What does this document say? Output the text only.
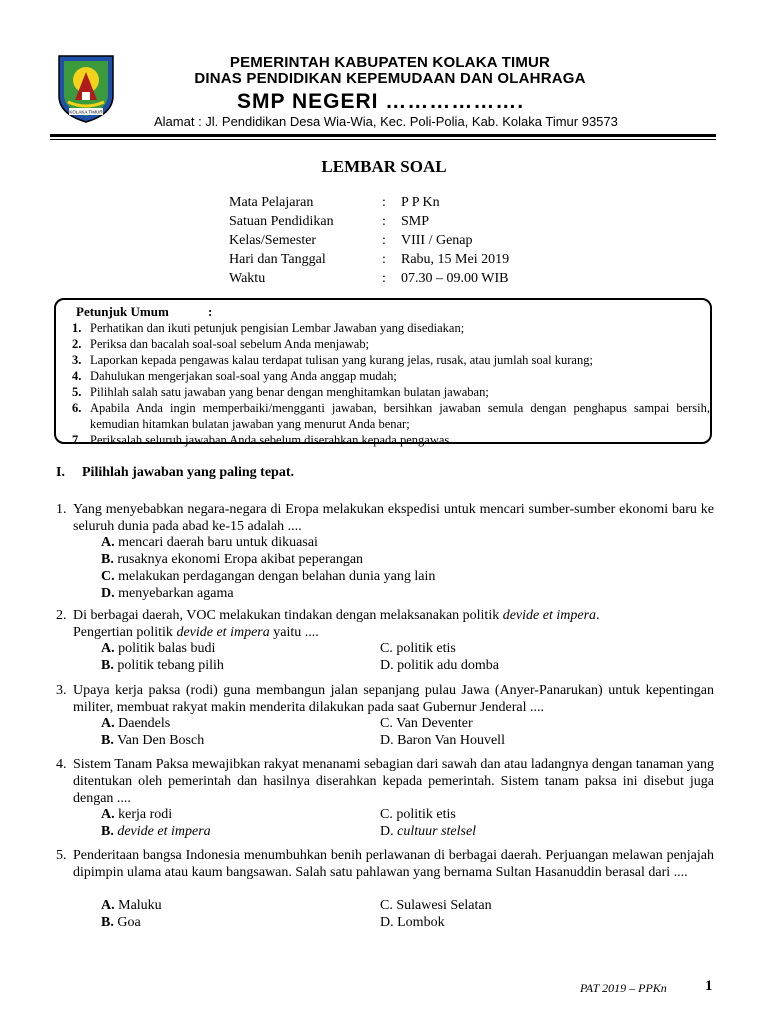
KOLAKA TIMUR
PEMERINTAH KABUPATEN KOLAKA TIMUR
DINAS PENDIDIKAN KEPEMUDAAN DAN OLAHRAGA
SMP NEGERI ……………….
Alamat : Jl. Pendidikan Desa Wia-Wia, Kec. Poli-Polia, Kab. Kolaka Timur 93573
LEMBAR SOAL
Mata Pelajaran	: P P Kn
Satuan Pendidikan	: SMP
Kelas/Semester	: VIII / Genap
Hari dan Tanggal	: Rabu, 15 Mei 2019
Waktu	: 07.30 – 09.00 WIB
Petunjuk Umum	:
1. Perhatikan dan ikuti petunjuk pengisian Lembar Jawaban yang disediakan;
2. Periksa dan bacalah soal-soal sebelum Anda menjawab;
3. Laporkan kepada pengawas kalau terdapat tulisan yang kurang jelas, rusak, atau jumlah soal kurang;
4. Dahulukan mengerjakan soal-soal yang Anda anggap mudah;
5. Pilihlah salah satu jawaban yang benar dengan menghitamkan bulatan jawaban;
6. Apabila Anda ingin memperbaiki/mengganti jawaban, bersihkan jawaban semula dengan penghapus sampai bersih, kemudian hitamkan bulatan jawaban yang menurut Anda benar;
7. Periksalah seluruh jawaban Anda sebelum diserahkan kepada pengawas.
I. Pilihlah jawaban yang paling tepat.
1. Yang menyebabkan negara-negara di Eropa melakukan ekspedisi untuk mencari sumber-sumber ekonomi baru ke seluruh dunia pada abad ke-15 adalah ....
A. mencari daerah baru untuk dikuasai
B. rusaknya ekonomi Eropa akibat peperangan
C. melakukan perdagangan dengan belahan dunia yang lain
D. menyebarkan agama
2. Di berbagai daerah, VOC melakukan tindakan dengan melaksanakan politik devide et impera.
Pengertian politik devide et impera yaitu ....
A. politik balas budi	C. politik etis
B. politik tebang pilih	D. politik adu domba
3. Upaya kerja paksa (rodi) guna membangun jalan sepanjang pulau Jawa (Anyer-Panarukan) untuk kepentingan militer, membuat rakyat makin menderita dilakukan pada saat Gubernur Jenderal ....
A. Daendels	C. Van Deventer
B. Van Den Bosch	D. Baron Van Houvell
4. Sistem Tanam Paksa mewajibkan rakyat menanami sebagian dari sawah dan atau ladangnya dengan tanaman yang ditentukan oleh pemerintah dan hasilnya diserahkan kepada pemerintah. Sistem tanam paksa ini disebut juga dengan ....
A. kerja rodi	C. politik etis
B. devide et impera	D. cultuur stelsel
5. Penderitaan bangsa Indonesia menumbuhkan benih perlawanan di berbagai daerah. Perjuangan melawan penjajah dipimpin ulama atau kaum bangsawan. Salah satu pahlawan yang bernama Sultan Hasanuddin berasal dari ....
A. Maluku	C. Sulawesi Selatan
B. Goa	D. Lombok
PAT 2019 – PPKn	1
